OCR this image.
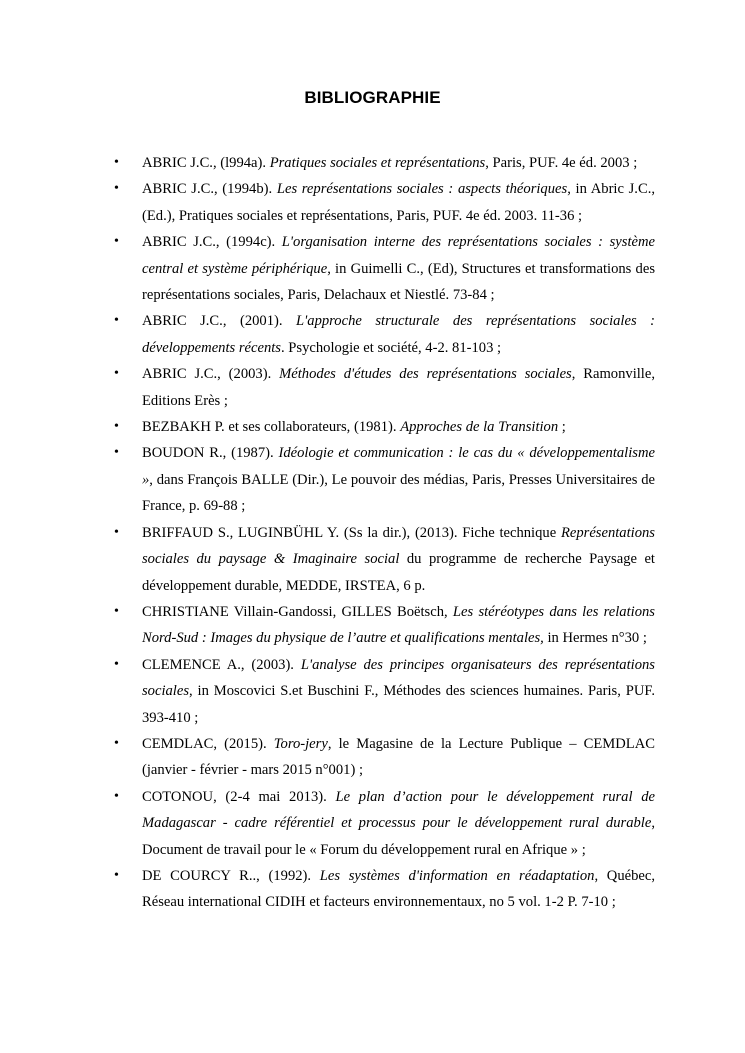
BIBLIOGRAPHIE
•	ABRIC J.C., (l994a). Pratiques sociales et représentations, Paris, PUF. 4e éd. 2003 ;
•	ABRIC J.C., (1994b). Les représentations sociales : aspects théoriques, in Abric J.C., (Ed.), Pratiques sociales et représentations, Paris, PUF. 4e éd. 2003. 11-36 ;
•	ABRIC J.C., (1994c). L'organisation interne des représentations sociales : système central et système périphérique, in Guimelli C., (Ed), Structures et transformations des représentations sociales, Paris, Delachaux et Niestlé. 73-84 ;
•	ABRIC J.C., (2001). L'approche structurale des représentations sociales : développements récents. Psychologie et société, 4-2. 81-103 ;
•	ABRIC J.C., (2003). Méthodes d'études des représentations sociales, Ramonville, Editions Erès ;
•	BEZBAKH P. et ses collaborateurs, (1981). Approches de la Transition ;
•	BOUDON R., (1987). Idéologie et communication : le cas du « développementalisme », dans François BALLE (Dir.), Le pouvoir des médias, Paris, Presses Universitaires de France, p. 69-88 ;
•	BRIFFAUD S., LUGINBÜHL Y. (Ss la dir.), (2013). Fiche technique Représentations sociales du paysage & Imaginaire social du programme de recherche Paysage et développement durable, MEDDE, IRSTEA, 6 p.
•	CHRISTIANE Villain-Gandossi, GILLES Boëtsch, Les stéréotypes dans les relations Nord-Sud : Images du physique de l’autre et qualifications mentales, in Hermes n°30 ;
•	CLEMENCE A., (2003). L'analyse des principes organisateurs des représentations sociales, in Moscovici S.et Buschini F., Méthodes des sciences humaines. Paris, PUF. 393-410 ;
•	CEMDLAC, (2015). Toro-jery, le Magasine de la Lecture Publique – CEMDLAC (janvier - février - mars 2015 n°001) ;
•	COTONOU, (2-4 mai 2013). Le plan d’action pour le développement rural de Madagascar - cadre référentiel et processus pour le développement rural durable, Document de travail pour le « Forum du développement rural en Afrique » ;
•	DE COURCY R.., (1992). Les systèmes d'information en réadaptation, Québec, Réseau international CIDIH et facteurs environnementaux, no 5 vol. 1-2 P. 7-10 ;
